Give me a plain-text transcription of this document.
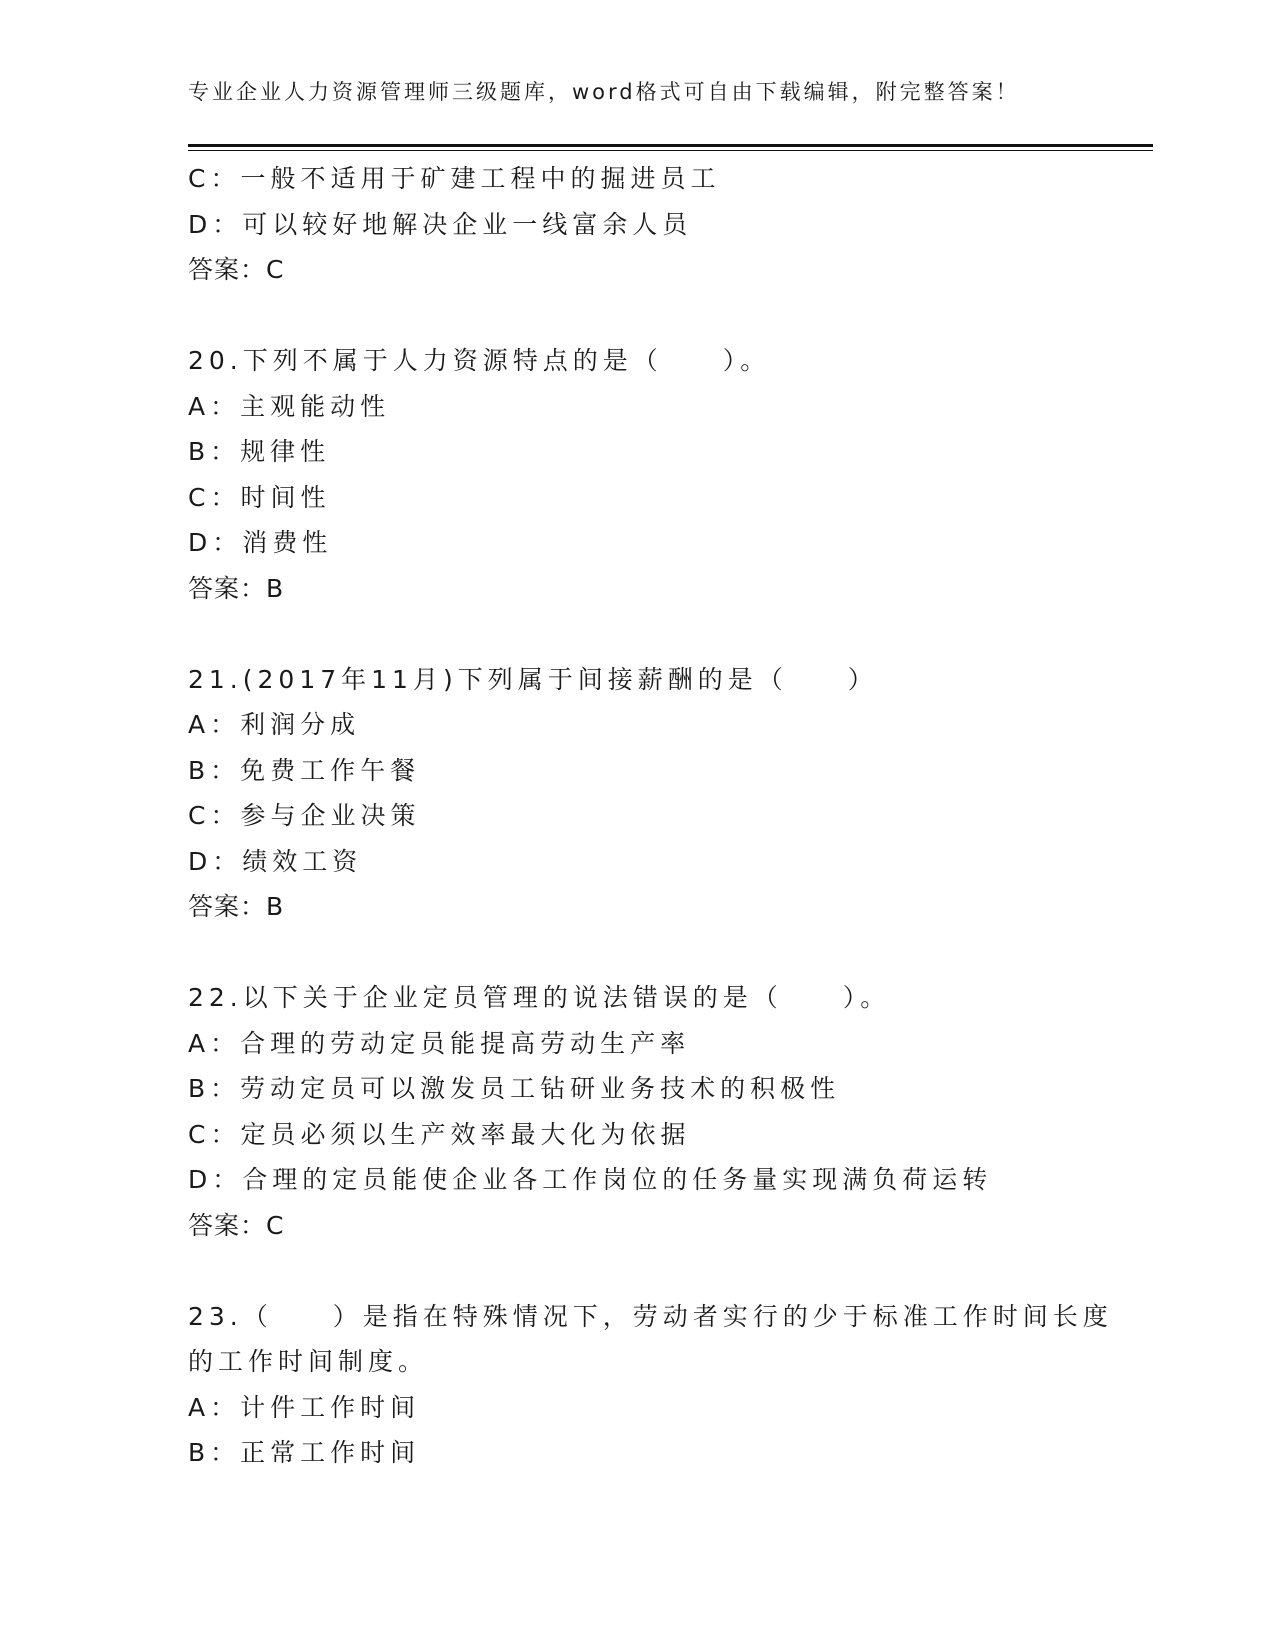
专业企业人力资源管理师三级题库，word格式可自由下载编辑，附完整答案！
C：一般不适用于矿建工程中的掘进员工
D：可以较好地解决企业一线富余人员
答案：C
20.下列不属于人力资源特点的是（　　）。
A：主观能动性
B：规律性
C：时间性
D：消费性
答案：B
21.(2017年11月)下列属于间接薪酬的是（　　）
A：利润分成
B：免费工作午餐
C：参与企业决策
D：绩效工资
答案：B
22.以下关于企业定员管理的说法错误的是（　　）。
A：合理的劳动定员能提高劳动生产率
B：劳动定员可以激发员工钻研业务技术的积极性
C：定员必须以生产效率最大化为依据
D：合理的定员能使企业各工作岗位的任务量实现满负荷运转
答案：C
23.（　　）是指在特殊情况下，劳动者实行的少于标准工作时间长度
的工作时间制度。
A：计件工作时间
B：正常工作时间
